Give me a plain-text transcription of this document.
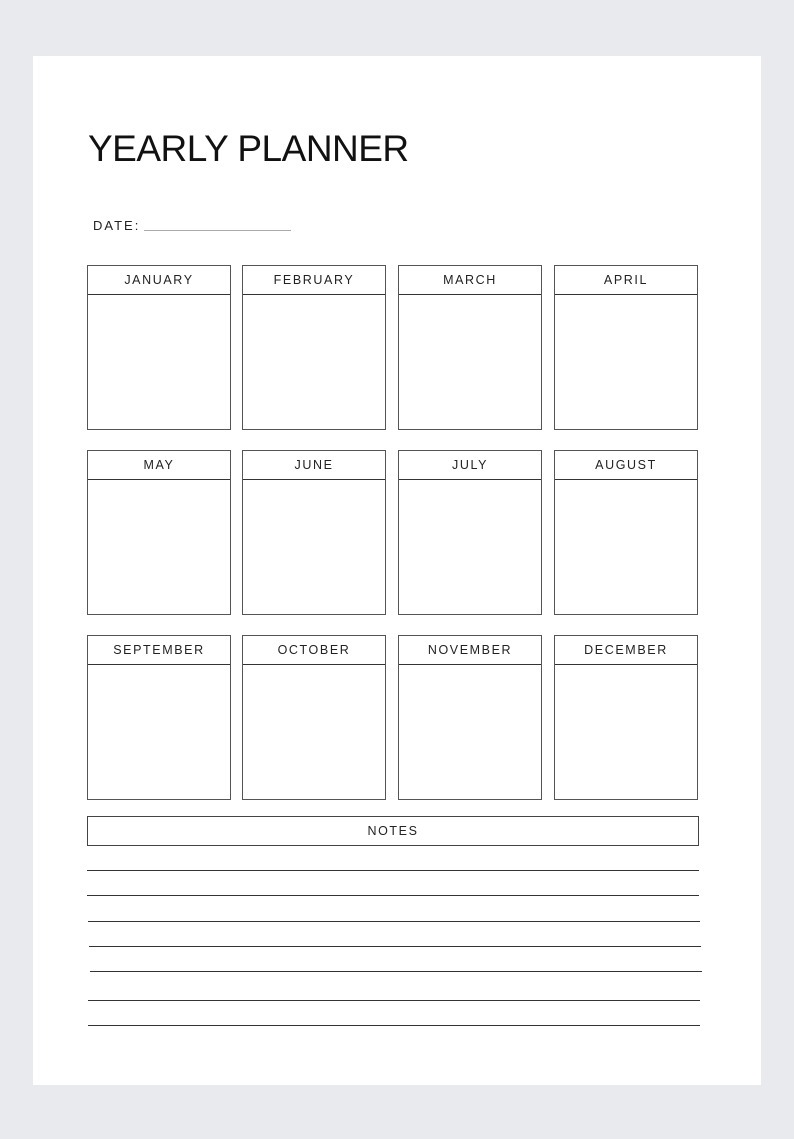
YEARLY PLANNER
DATE:
JANUARY	FEBRUARY	MARCH	APRIL
MAY	JUNE	JULY	AUGUST
SEPTEMBER	OCTOBER	NOVEMBER	DECEMBER
NOTES
